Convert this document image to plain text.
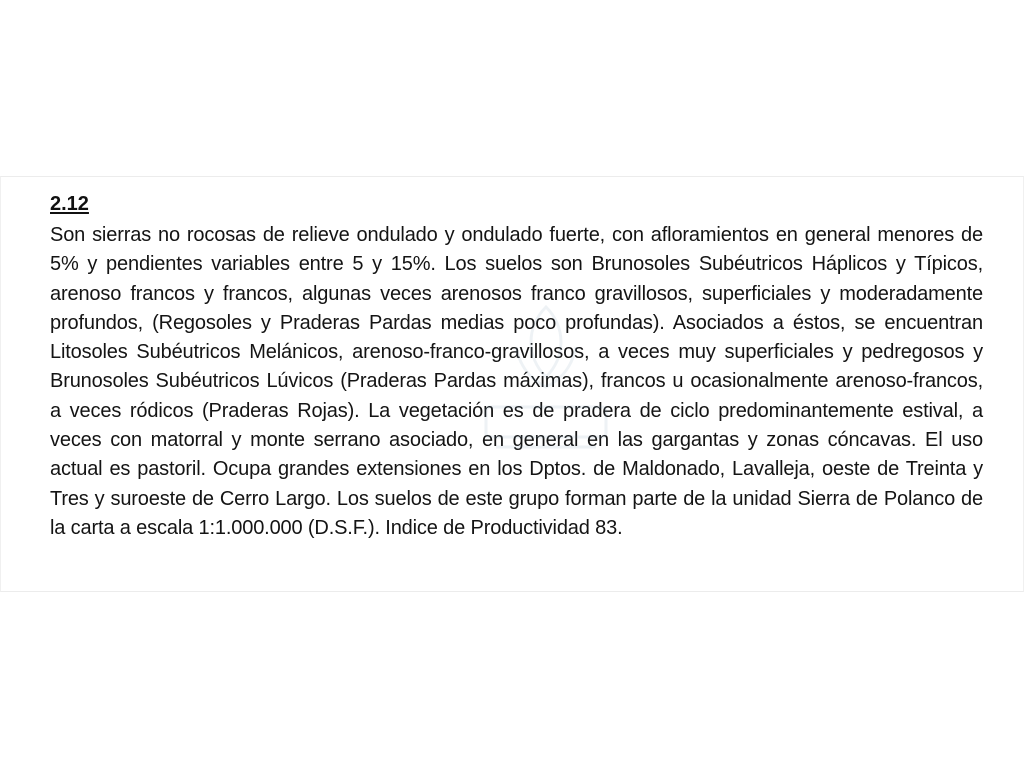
2.12

Son sierras no rocosas de relieve ondulado y ondulado fuerte, con afloramientos en general menores de 5% y pendientes variables entre 5 y 15%. Los suelos son Brunosoles Subéutricos Háplicos y Típicos, arenoso francos y francos, algunas veces arenosos franco gravillosos, superficiales y moderadamente profundos, (Regosoles y Praderas Pardas medias poco profundas). Asociados a éstos, se encuentran Litosoles Subéutricos Melánicos, arenoso-franco-gravillosos, a veces muy superficiales y pedregosos y Brunosoles Subéutricos Lúvicos (Praderas Pardas máximas), francos u ocasionalmente arenoso-francos, a veces ródicos (Praderas Rojas). La vegetación es de pradera de ciclo predominantemente estival, a veces con matorral y monte serrano asociado, en general en las gargantas y zonas cóncavas. El uso actual es pastoril. Ocupa grandes extensiones en los Dptos. de Maldonado, Lavalleja, oeste de Treinta y Tres y suroeste de Cerro Largo. Los suelos de este grupo forman parte de la unidad Sierra de Polanco de la carta a escala 1:1.000.000 (D.S.F.). Indice de Productividad 83.
